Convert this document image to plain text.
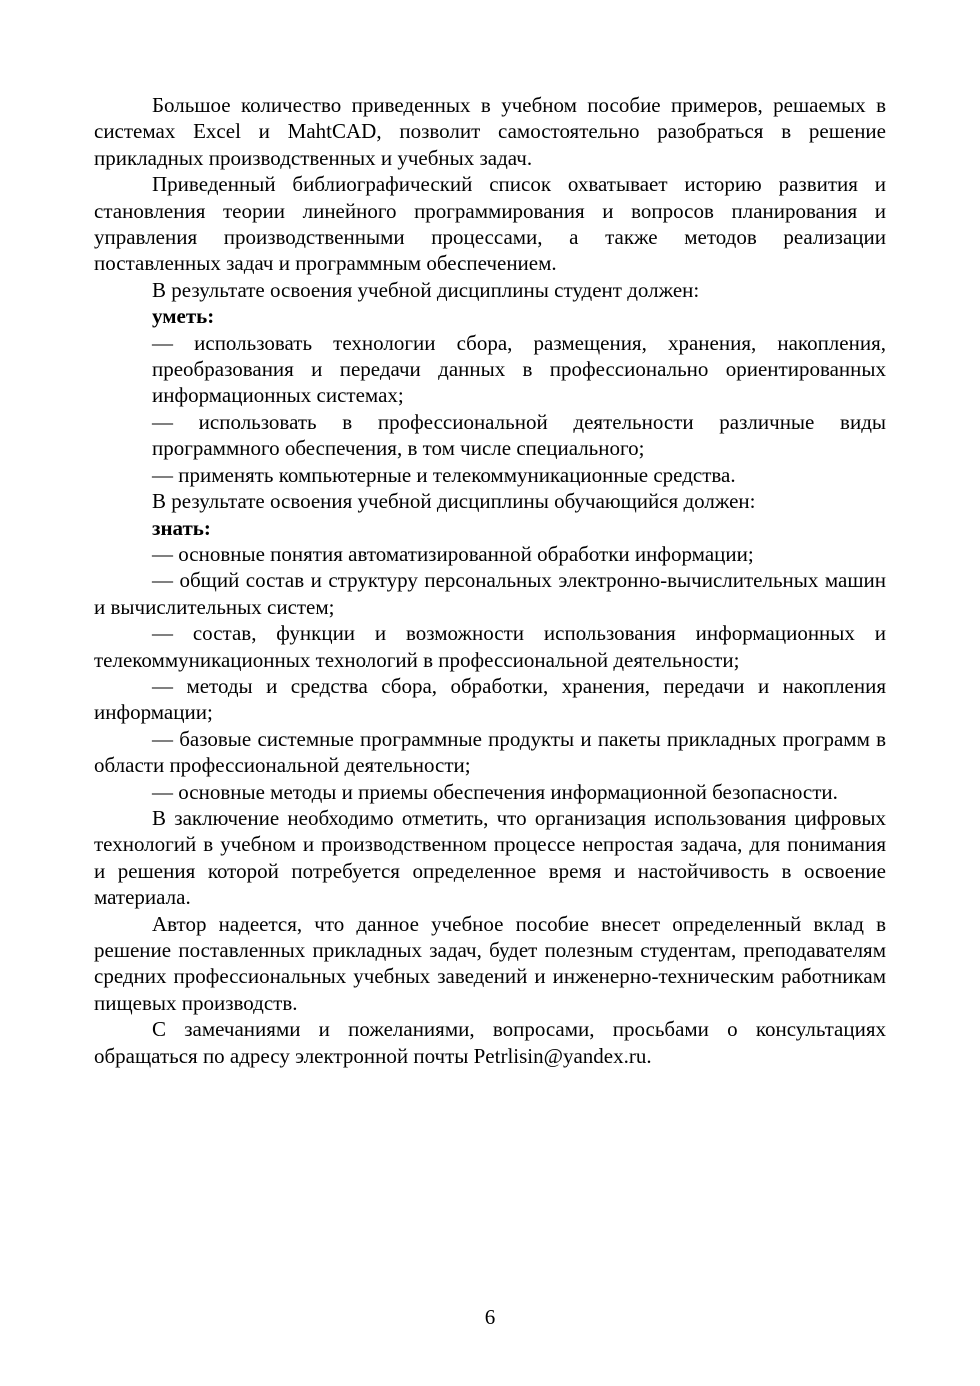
Большое количество приведенных в учебном пособие примеров, решаемых в системах Excel и MahtCAD, позволит самостоятельно разобраться в решение прикладных производственных и учебных задач.

Приведенный библиографический список охватывает историю развития и становления теории линейного программирования и вопросов планирования и управления производственными процессами, а также методов реализации поставленных задач и программным обеспечением.

В результате освоения учебной дисциплины студент должен:

уметь:

— использовать технологии сбора, размещения, хранения, накопления, преобразования и передачи данных в профессионально ориентированных информационных системах;

— использовать в профессиональной деятельности различные виды программного обеспечения, в том числе специального;

— применять компьютерные и телекоммуникационные средства.

В результате освоения учебной дисциплины обучающийся должен:

знать:

— основные понятия автоматизированной обработки информации;

— общий состав и структуру персональных электронно-вычислительных машин и вычислительных систем;

— состав, функции и возможности использования информационных и телекоммуникационных технологий в профессиональной деятельности;

— методы и средства сбора, обработки, хранения, передачи и накопления информации;

— базовые системные программные продукты и пакеты прикладных программ в области профессиональной деятельности;

— основные методы и приемы обеспечения информационной безопасности.

В заключение необходимо отметить, что организация использования цифровых технологий в учебном и производственном процессе непростая задача, для понимания и решения которой потребуется определенное время и настойчивость в освоение материала.

Автор надеется, что данное учебное пособие внесет определенный вклад в решение поставленных прикладных задач, будет полезным студентам, преподавателям средних профессиональных учебных заведений и инженерно-техническим работникам пищевых производств.

С замечаниями и пожеланиями, вопросами, просьбами о консультациях обращаться по адресу электронной почты Petrlisin@yandex.ru.

6
